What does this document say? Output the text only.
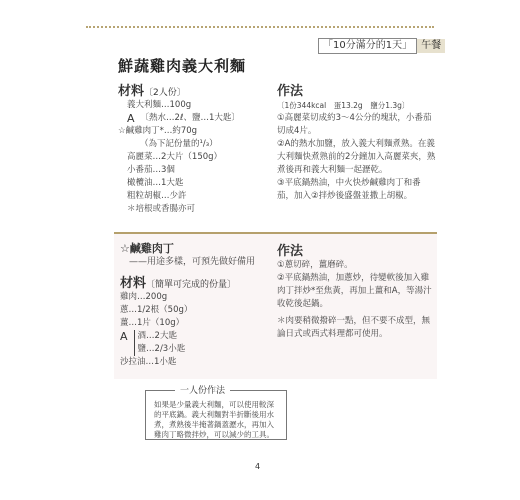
「10分滿分的1天」 午餐
鮮蔬雞肉義大利麵
材料〔2人份〕
義大利麵…100g
A 〔熱水…2ℓ、鹽…1大匙〕
☆鹹雞肉丁*…約70g
（為下記份量的¹/₃）
高麗菜…2大片（150g）
小番茄…3個
橄欖油…1大匙
粗粒胡椒…少許
＊培根或香腸亦可
作法
〔1份344kcal　蛋13.2g　鹽分1.3g〕
①高麗菜切成約3〜4公分的塊狀，小番茄切成4片。
②A的熱水加鹽，放入義大利麵煮熟。在義大利麵快煮熟前的2分鐘加入高麗菜夾，熟煮後再和義大利麵一起瀝乾。
③平底鍋熱油，中火快炒鹹雞肉丁和番茄，加入②拌炒後盛盤並撒上胡椒。
☆鹹雞肉丁
——用途多樣，可預先做好備用
材料〔簡單可完成的份量〕
雞肉…200g
蔥…1/2根（50g）
薑…1片（10g）
A 酒…2大匙
鹽…2/3小匙
沙拉油…1小匙
作法
①蔥切碎，薑磨碎。
②平底鍋熱油，加蔥炒，待變軟後加入雞肉丁拌炒*至焦黃，再加上薑和A，等湯汁收乾後起鍋。
＊肉要稍微撥碎一點，但不要不成型，無論日式或西式料理都可使用。
如果是少量義大利麵，可以使用較深的平底鍋。義大利麵對半折斷後用水煮，煮熟後半掩著鍋蓋瀝水，再加入雞肉丁略微拌炒，可以減少的工具。
一人份作法
4
